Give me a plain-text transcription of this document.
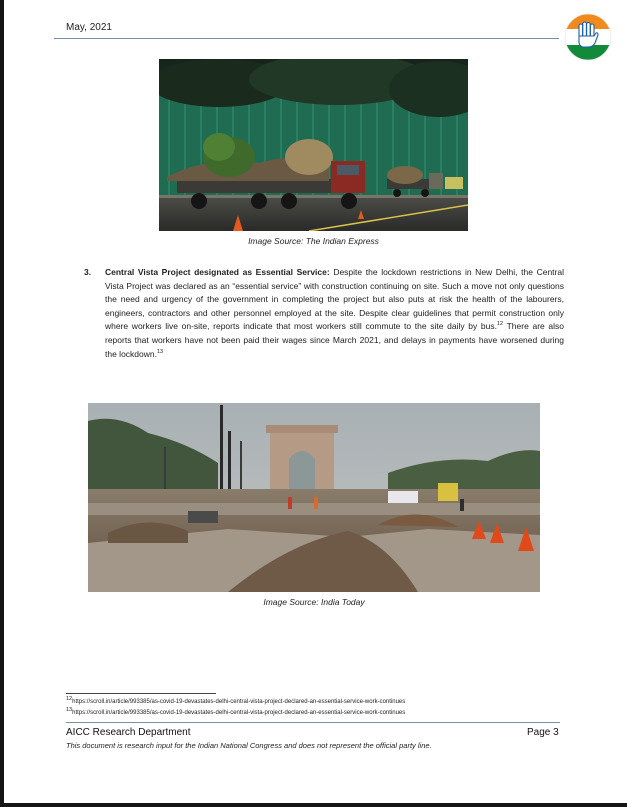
May, 2021
Image Source: The Indian Express
3. Central Vista Project designated as Essential Service: Despite the lockdown restrictions in New Delhi, the Central Vista Project was declared as an “essential service” with construction continuing on site. Such a move not only questions the need and urgency of the government in completing the project but also puts at risk the health of the labourers, engineers, contractors and other personnel employed at the site. Despite clear guidelines that permit construction only where workers live on-site, reports indicate that most workers still commute to the site daily by bus.$^{12}$ There are also reports that workers have not been paid their wages since March 2021, and delays in payments have worsened during the lockdown.$^{13}$
Image Source: India Today
$^{12}$https://scroll.in/article/993385/as-covid-19-devastates-delhi-central-vista-project-declared-an-essential-service-work-continues
$^{13}$https://scroll.in/article/993385/as-covid-19-devastates-delhi-central-vista-project-declared-an-essential-service-work-continues
AICC Research Department	Page 3
This document is research input for the Indian National Congress and does not represent the official party line.
